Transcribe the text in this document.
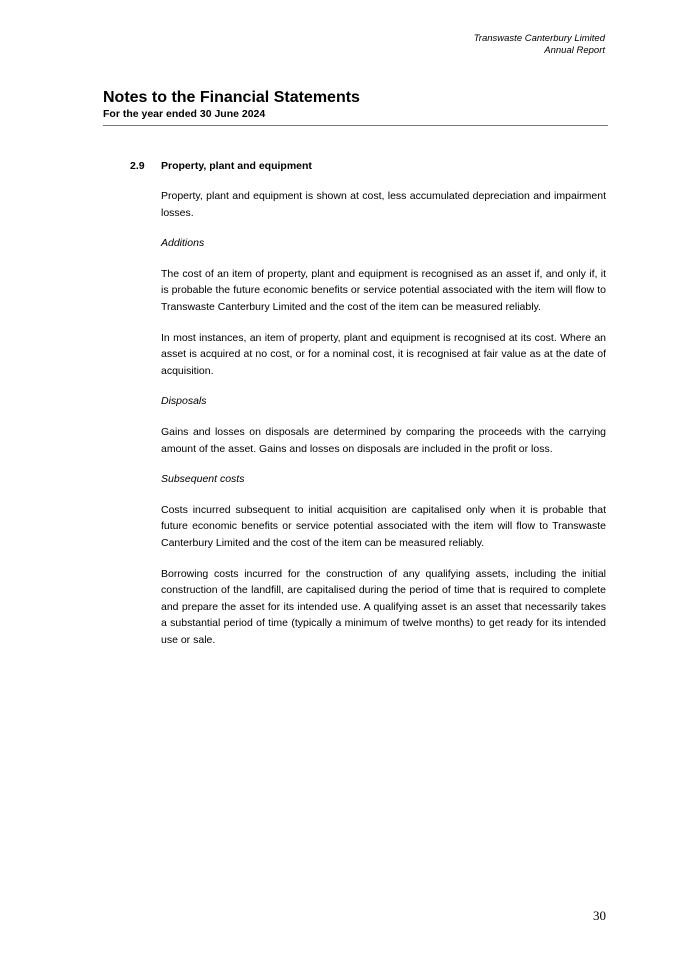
Transwaste Canterbury Limited
Annual Report
Notes to the Financial Statements
For the year ended 30 June 2024
2.9	Property, plant and equipment

Property, plant and equipment is shown at cost, less accumulated depreciation and impairment losses.

Additions

The cost of an item of property, plant and equipment is recognised as an asset if, and only if, it is probable the future economic benefits or service potential associated with the item will flow to Transwaste Canterbury Limited and the cost of the item can be measured reliably.

In most instances, an item of property, plant and equipment is recognised at its cost. Where an asset is acquired at no cost, or for a nominal cost, it is recognised at fair value as at the date of acquisition.

Disposals

Gains and losses on disposals are determined by comparing the proceeds with the carrying amount of the asset. Gains and losses on disposals are included in the profit or loss.

Subsequent costs

Costs incurred subsequent to initial acquisition are capitalised only when it is probable that future economic benefits or service potential associated with the item will flow to Transwaste Canterbury Limited and the cost of the item can be measured reliably.

Borrowing costs incurred for the construction of any qualifying assets, including the initial construction of the landfill, are capitalised during the period of time that is required to complete and prepare the asset for its intended use. A qualifying asset is an asset that necessarily takes a substantial period of time (typically a minimum of twelve months) to get ready for its intended use or sale.

30
